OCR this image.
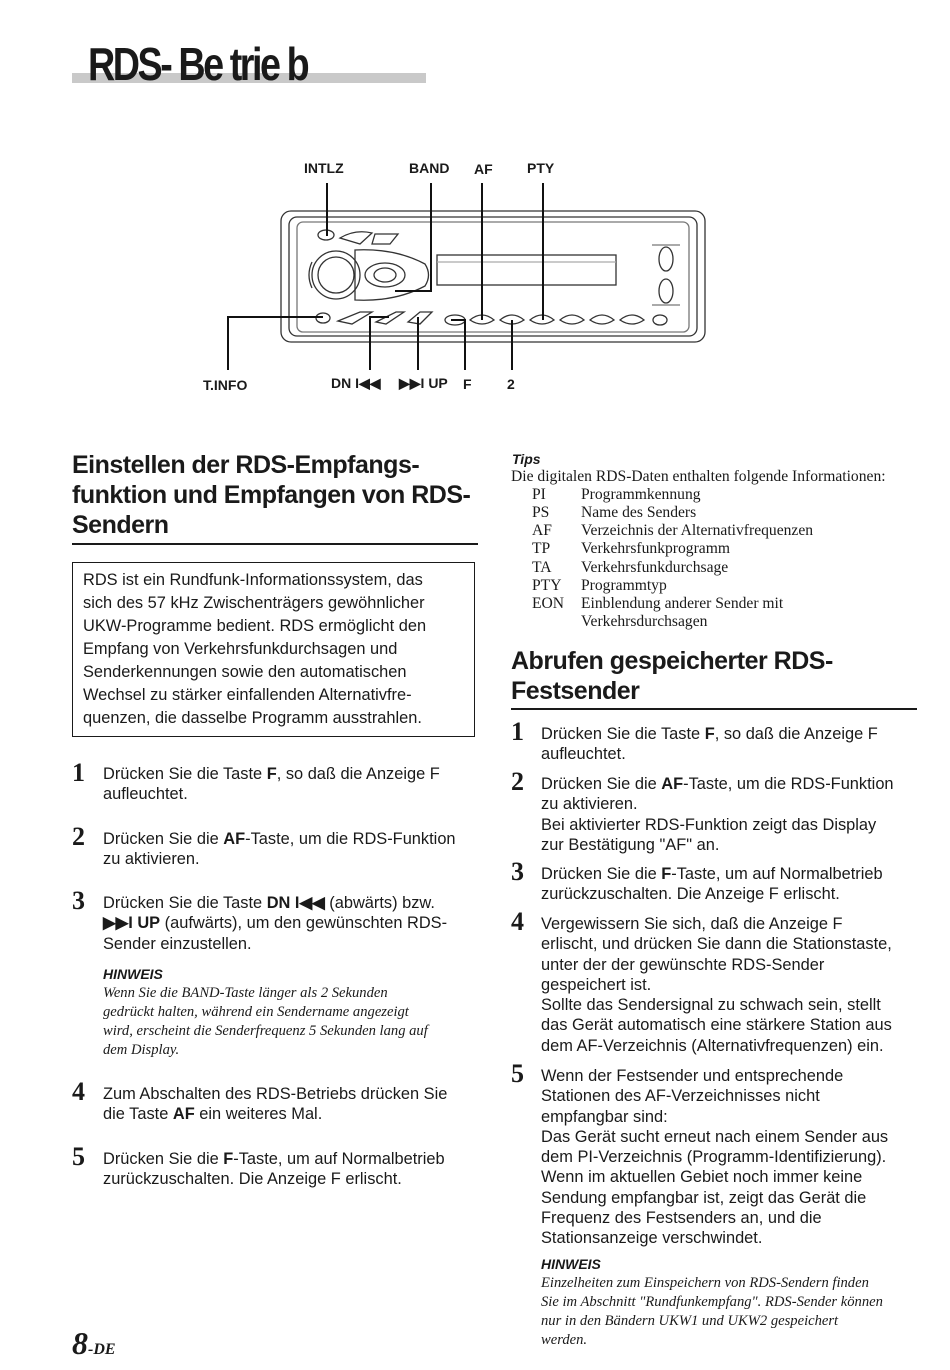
RDS- Be trie b
INTLZ	BAND AF PTY
T.INFO	DN I◀◀ ▶▶I UP F	2
Einstellen der RDS-Empfangs-
funktion und Empfangen von RDS-
Sendern
RDS ist ein Rundfunk-Informationssystem, das
sich des 57 kHz Zwischenträgers gewöhnlicher
UKW-Programme bedient. RDS ermöglicht den
Empfang von Verkehrsfunkdurchsagen und
Senderkennungen sowie den automatischen
Wechsel zu stärker einfallenden Alternativfre-
quenzen, die dasselbe Programm ausstrahlen.
1 Drücken Sie die Taste F, so daß die Anzeige F
aufleuchtet.
2 Drücken Sie die AF-Taste, um die RDS-Funktion
zu aktivieren.
3 Drücken Sie die Taste DN I◀◀ (abwärts) bzw.
▶▶I UP (aufwärts), um den gewünschten RDS-
Sender einzustellen.
HINWEIS
Wenn Sie die BAND-Taste länger als 2 Sekunden
gedrückt halten, während ein Sendername angezeigt
wird, erscheint die Senderfrequenz 5 Sekunden lang auf
dem Display.
4 Zum Abschalten des RDS-Betriebs drücken Sie
die Taste AF ein weiteres Mal.
5 Drücken Sie die F-Taste, um auf Normalbetrieb
zurückzuschalten. Die Anzeige F erlischt.
Tips
Die digitalen RDS-Daten enthalten folgende Informationen:
PI Programmkennung
PS Name des Senders
AF Verzeichnis der Alternativfrequenzen
TP Verkehrsfunkprogramm
TA Verkehrsfunkdurchsage
PTY Programmtyp
EON Einblendung anderer Sender mit
Verkehrsdurchsagen
Abrufen gespeicherter RDS-
Festsender
1 Drücken Sie die Taste F, so daß die Anzeige F
aufleuchtet.
2 Drücken Sie die AF-Taste, um die RDS-Funktion
zu aktivieren.
Bei aktivierter RDS-Funktion zeigt das Display
zur Bestätigung "AF" an.
3 Drücken Sie die F-Taste, um auf Normalbetrieb
zurückzuschalten. Die Anzeige F erlischt.
4 Vergewissern Sie sich, daß die Anzeige F
erlischt, und drücken Sie dann die Stationstaste,
unter der der gewünschte RDS-Sender
gespeichert ist.
Sollte das Sendersignal zu schwach sein, stellt
das Gerät automatisch eine stärkere Station aus
dem AF-Verzeichnis (Alternativfrequenzen) ein.
5 Wenn der Festsender und entsprechende
Stationen des AF-Verzeichnisses nicht
empfangbar sind:
Das Gerät sucht erneut nach einem Sender aus
dem PI-Verzeichnis (Programm-Identifizierung).
Wenn im aktuellen Gebiet noch immer keine
Sendung empfangbar ist, zeigt das Gerät die
Frequenz des Festsenders an, und die
Stationsanzeige verschwindet.
HINWEIS
Einzelheiten zum Einspeichern von RDS-Sendern finden
Sie im Abschnitt "Rundfunkempfang". RDS-Sender können
nur in den Bändern UKW1 und UKW2 gespeichert
werden.
8-DE
